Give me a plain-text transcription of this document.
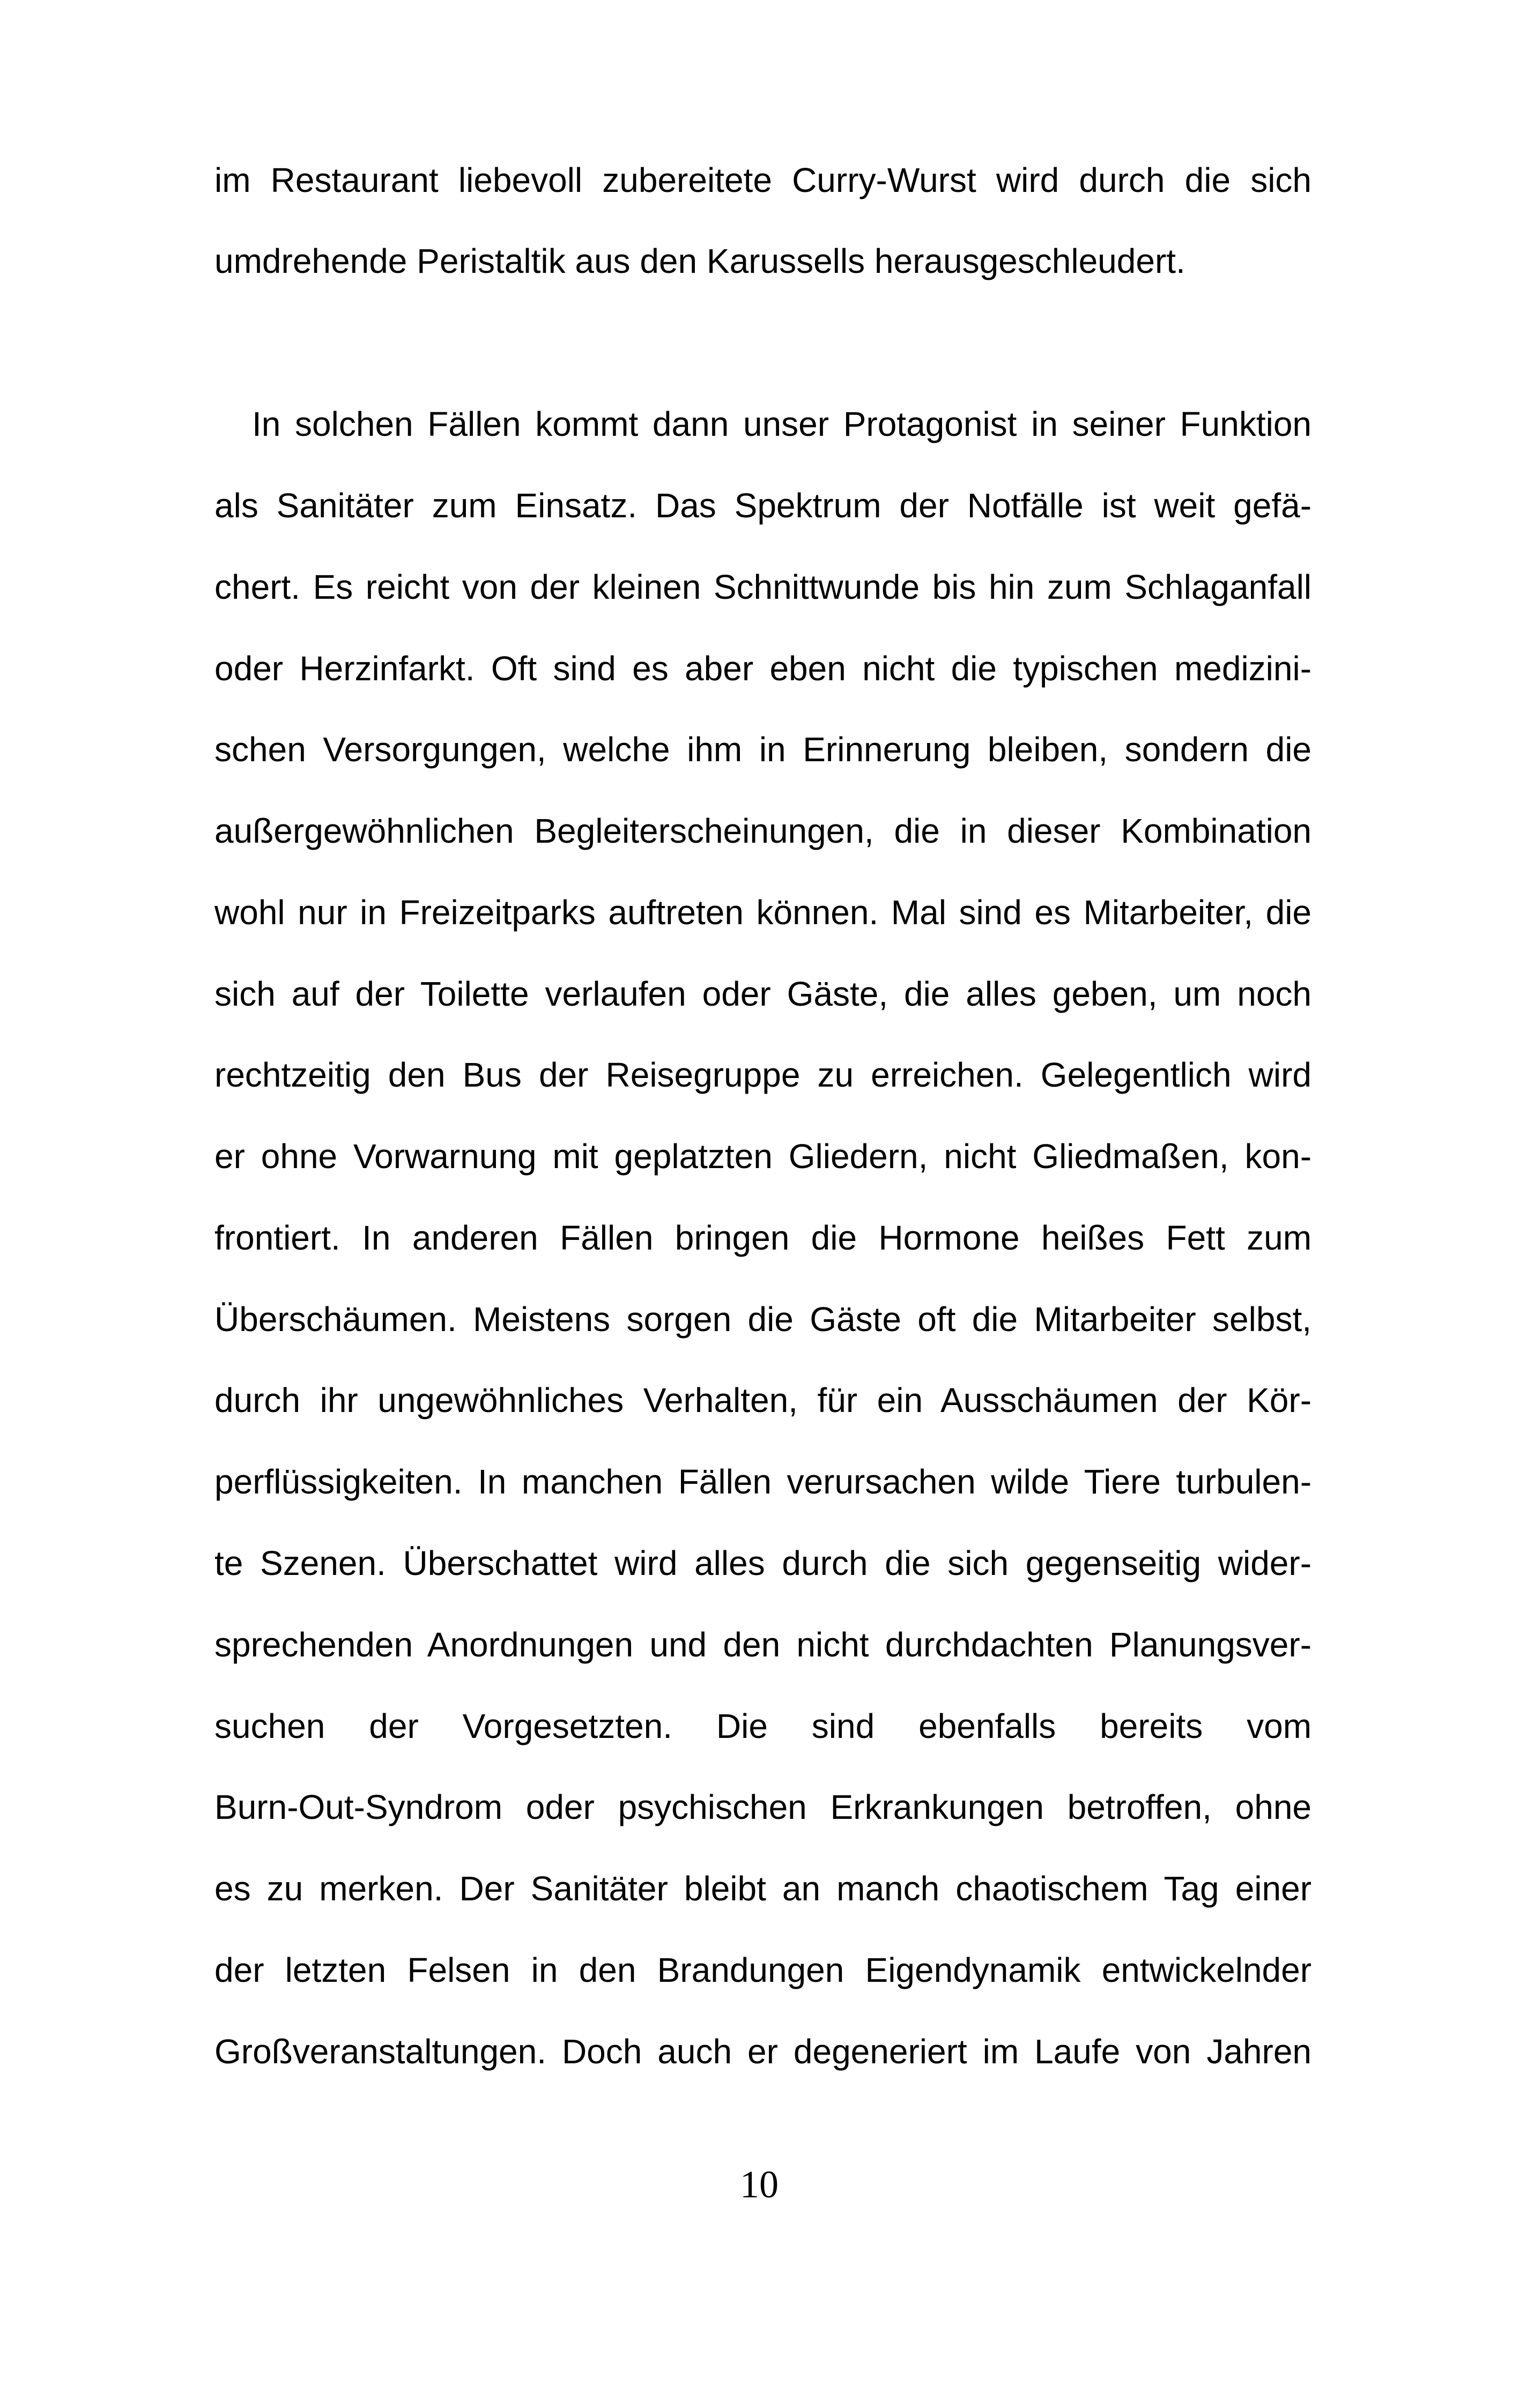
im Restaurant liebevoll zubereitete Curry-Wurst wird durch die sich
umdrehende Peristaltik aus den Karussells herausgeschleudert.
In solchen Fällen kommt dann unser Protagonist in seiner Funktion
als Sanitäter zum Einsatz. Das Spektrum der Notfälle ist weit gefä-
chert. Es reicht von der kleinen Schnittwunde bis hin zum Schlaganfall
oder Herzinfarkt. Oft sind es aber eben nicht die typischen medizini-
schen Versorgungen, welche ihm in Erinnerung bleiben, sondern die
außergewöhnlichen Begleiterscheinungen, die in dieser Kombination
wohl nur in Freizeitparks auftreten können. Mal sind es Mitarbeiter, die
sich auf der Toilette verlaufen oder Gäste, die alles geben, um noch
rechtzeitig den Bus der Reisegruppe zu erreichen. Gelegentlich wird
er ohne Vorwarnung mit geplatzten Gliedern, nicht Gliedmaßen, kon-
frontiert. In anderen Fällen bringen die Hormone heißes Fett zum
Überschäumen. Meistens sorgen die Gäste oft die Mitarbeiter selbst,
durch ihr ungewöhnliches Verhalten, für ein Ausschäumen der Kör-
perflüssigkeiten. In manchen Fällen verursachen wilde Tiere turbulen-
te Szenen. Überschattet wird alles durch die sich gegenseitig wider-
sprechenden Anordnungen und den nicht durchdachten Planungsver-
suchen der Vorgesetzten. Die sind ebenfalls bereits vom
Burn-Out-Syndrom oder psychischen Erkrankungen betroffen, ohne
es zu merken. Der Sanitäter bleibt an manch chaotischem Tag einer
der letzten Felsen in den Brandungen Eigendynamik entwickelnder
Großveranstaltungen. Doch auch er degeneriert im Laufe von Jahren
10
